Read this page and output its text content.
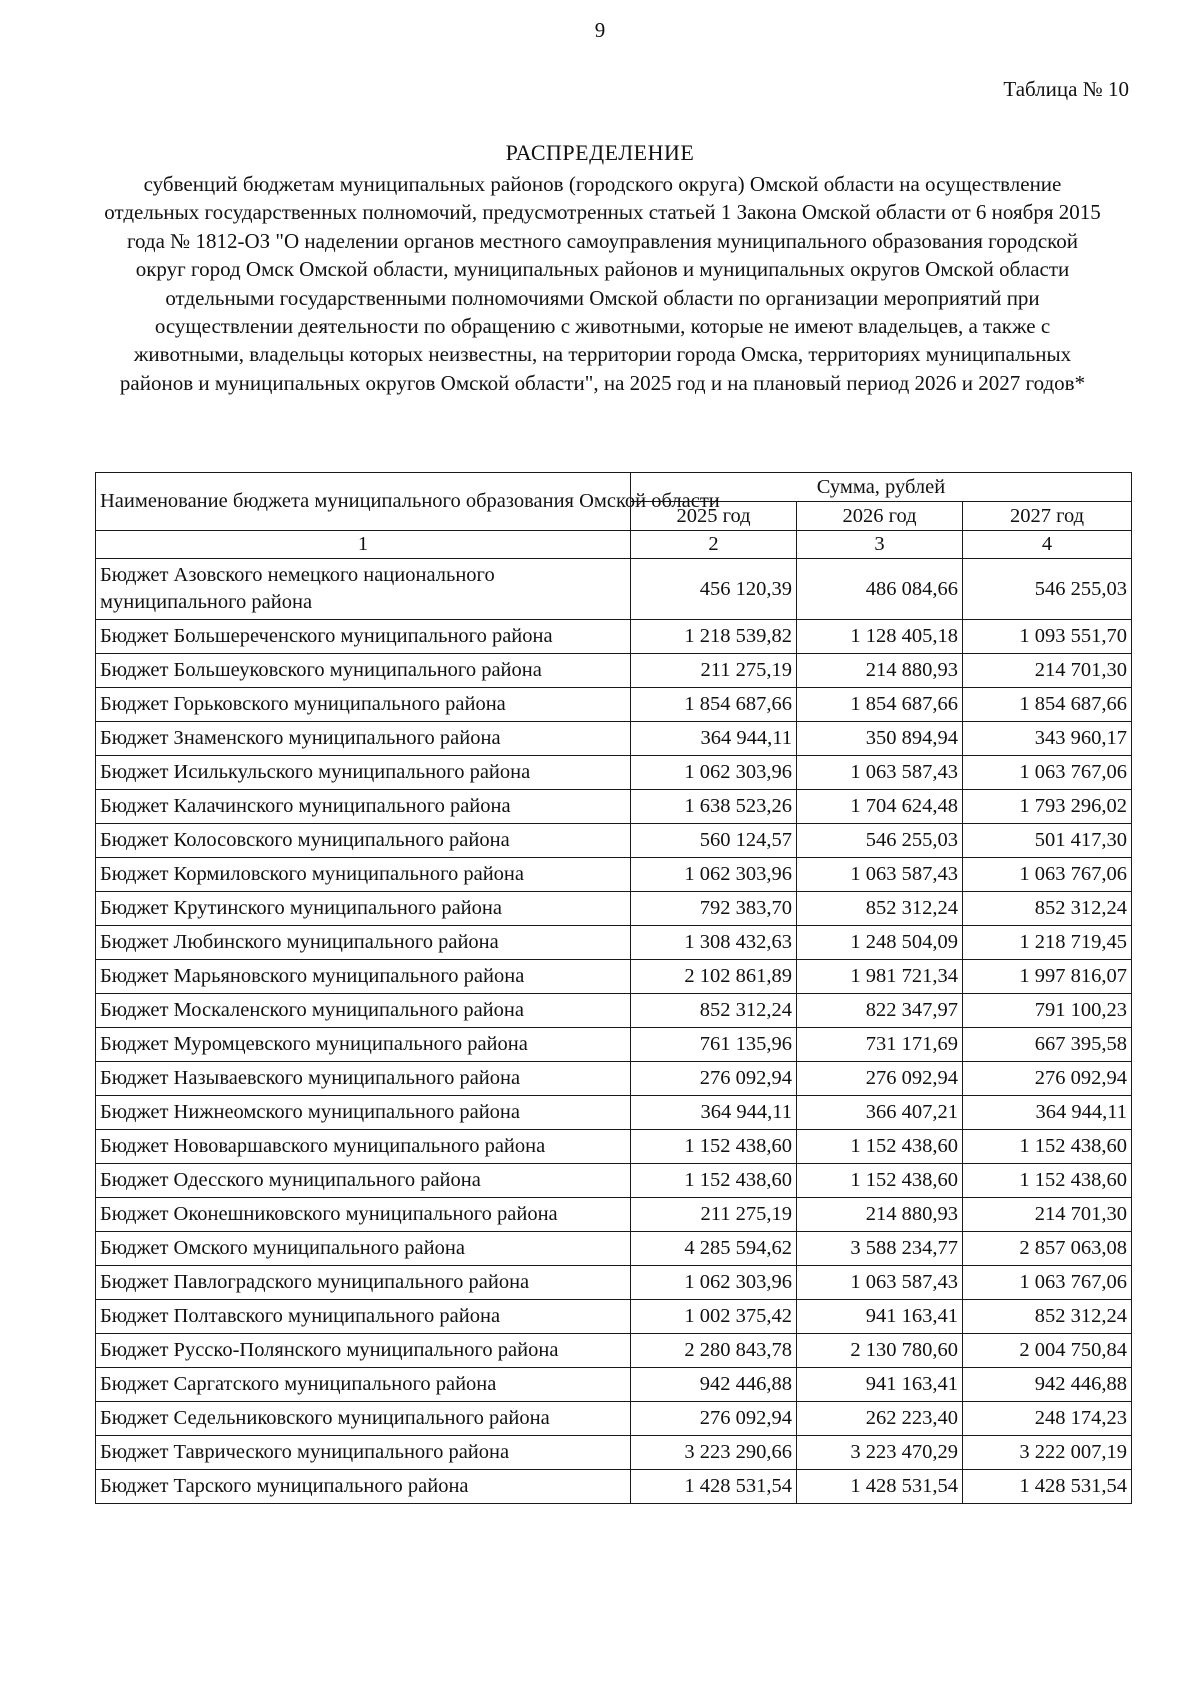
9
Таблица № 10
РАСПРЕДЕЛЕНИЕ
субвенций бюджетам муниципальных районов (городского округа) Омской области на осуществление отдельных государственных полномочий, предусмотренных статьей 1 Закона Омской области от 6 ноября 2015 года № 1812-ОЗ "О наделении органов местного самоуправления муниципального образования городской округ город Омск Омской области, муниципальных районов и муниципальных округов Омской области отдельными государственными полномочиями Омской области по организации мероприятий при осуществлении деятельности по обращению с животными, которые не имеют владельцев, а также с животными, владельцы которых неизвестны, на территории города Омска, территориях муниципальных районов и муниципальных округов Омской области", на 2025 год и на плановый период 2026 и 2027 годов*
Наименование бюджета муниципального образования Омской области	Сумма, рублей		
	2025 год	2026 год	2027 год
1	2	3	4
Бюджет Азовского немецкого национального муниципального района	456 120,39	486 084,66	546 255,03
Бюджет Большереченского муниципального района	1 218 539,82	1 128 405,18	1 093 551,70
Бюджет Большеуковского муниципального района	211 275,19	214 880,93	214 701,30
Бюджет Горьковского муниципального района	1 854 687,66	1 854 687,66	1 854 687,66
Бюджет Знаменского муниципального района	364 944,11	350 894,94	343 960,17
Бюджет Исилькульского муниципального района	1 062 303,96	1 063 587,43	1 063 767,06
Бюджет Калачинского муниципального района	1 638 523,26	1 704 624,48	1 793 296,02
Бюджет Колосовского муниципального района	560 124,57	546 255,03	501 417,30
Бюджет Кормиловского муниципального района	1 062 303,96	1 063 587,43	1 063 767,06
Бюджет Крутинского муниципального района	792 383,70	852 312,24	852 312,24
Бюджет Любинского муниципального района	1 308 432,63	1 248 504,09	1 218 719,45
Бюджет Марьяновского муниципального района	2 102 861,89	1 981 721,34	1 997 816,07
Бюджет Москаленского муниципального района	852 312,24	822 347,97	791 100,23
Бюджет Муромцевского муниципального района	761 135,96	731 171,69	667 395,58
Бюджет Называевского муниципального района	276 092,94	276 092,94	276 092,94
Бюджет Нижнеомского муниципального района	364 944,11	366 407,21	364 944,11
Бюджет Нововаршавского муниципального района	1 152 438,60	1 152 438,60	1 152 438,60
Бюджет Одесского муниципального района	1 152 438,60	1 152 438,60	1 152 438,60
Бюджет Оконешниковского муниципального района	211 275,19	214 880,93	214 701,30
Бюджет Омского муниципального района	4 285 594,62	3 588 234,77	2 857 063,08
Бюджет Павлоградского муниципального района	1 062 303,96	1 063 587,43	1 063 767,06
Бюджет Полтавского муниципального района	1 002 375,42	941 163,41	852 312,24
Бюджет Русско-Полянского муниципального района	2 280 843,78	2 130 780,60	2 004 750,84
Бюджет Саргатского муниципального района	942 446,88	941 163,41	942 446,88
Бюджет Седельниковского муниципального района	276 092,94	262 223,40	248 174,23
Бюджет Таврического муниципального района	3 223 290,66	3 223 470,29	3 222 007,19
Бюджет Тарского муниципального района	1 428 531,54	1 428 531,54	1 428 531,54
